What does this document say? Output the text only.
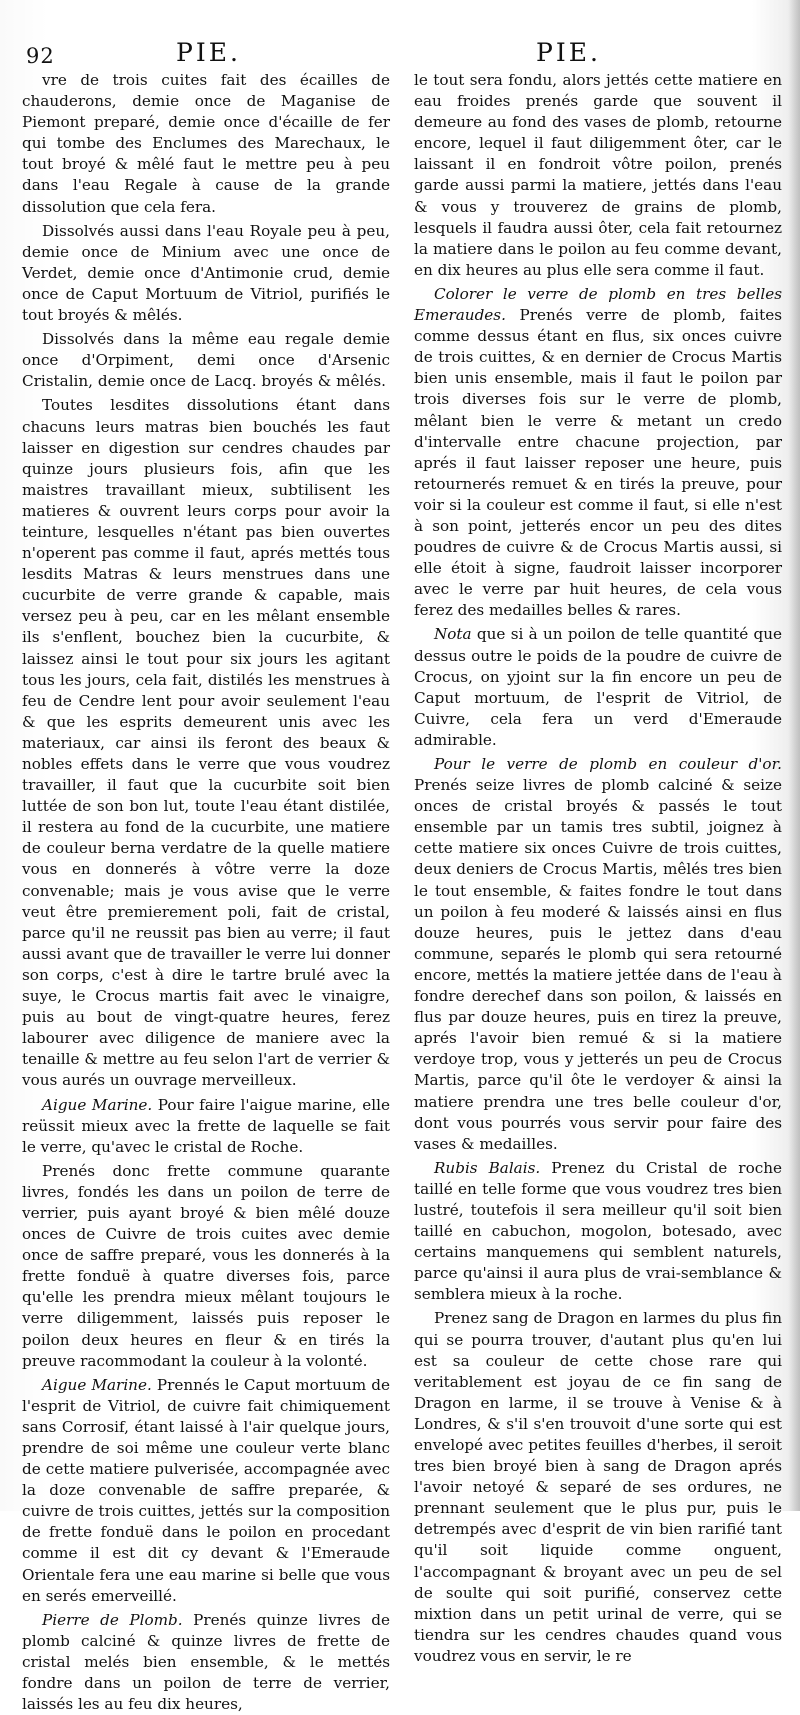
92	PIE.	PIE.

vre de trois cuites fait des écailles de chauderons, demie once de Maganise de Piemont preparé, demie once d'écaille de fer qui tombe des Enclumes des Marechaux, le tout broyé & mêlé faut le mettre peu à peu dans l'eau Regale à cause de la grande dissolution que cela fera.

Dissolvés aussi dans l'eau Royale peu à peu, demie once de Minium avec une once de Verdet, demie once d'Antimonie crud, demie once de Caput Mortuum de Vitriol, purifiés le tout broyés & mêlés.

Dissolvés dans la même eau regale demie once d'Orpiment, demi once d'Arsenic Cristalin, demie once de Lacq. broyés & mêlés.

Toutes lesdites dissolutions étant dans chacuns leurs matras bien bouchés les faut laisser en digestion sur cendres chaudes par quinze jours plusieurs fois, afin que les maistres travaillant mieux, subtilisent les matieres & ouvrent leurs corps pour avoir la teinture, lesquelles n'étant pas bien ouvertes n'operent pas comme il faut, aprés mettés tous lesdits Matras & leurs menstrues dans une cucurbite de verre grande & capable, mais versez peu à peu, car en les mêlant ensemble ils s'enflent, bouchez bien la cucurbite, & laissez ainsi le tout pour six jours les agitant tous les jours, cela fait, distilés les menstrues à feu de Cendre lent pour avoir seulement l'eau & que les esprits demeurent unis avec les materiaux, car ainsi ils feront des beaux & nobles effets dans le verre que vous voudrez travailler, il faut que la cucurbite soit bien luttée de son bon lut, toute l'eau étant distilée, il restera au fond de la cucurbite, une matiere de couleur berna verdatre de la quelle matiere vous en donnerés à vôtre verre la doze convenable; mais je vous avise que le verre veut être premierement poli, fait de cristal, parce qu'il ne reussit pas bien au verre; il faut aussi avant que de travailler le verre lui donner son corps, c'est à dire le tartre brulé avec la suye, le Crocus martis fait avec le vinaigre, puis au bout de vingt-quatre heures, ferez labourer avec diligence de maniere avec la tenaille & mettre au feu selon l'art de verrier & vous aurés un ouvrage merveilleux.

Aigue Marine. Pour faire l'aigue marine, elle reüssit mieux avec la frette de laquelle se fait le verre, qu'avec le cristal de Roche.

Prenés donc frette commune quarante livres, fondés les dans un poilon de terre de verrier, puis ayant broyé & bien mêlé douze onces de Cuivre de trois cuites avec demie once de saffre preparé, vous les donnerés à la frette fonduë à quatre diverses fois, parce qu'elle les prendra mieux mêlant toujours le verre diligemment, laissés puis reposer le poilon deux heures en fleur & en tirés la preuve racommodant la couleur à la volonté.

Aigue Marine. Prennés le Caput mortuum de l'esprit de Vitriol, de cuivre fait chimiquement sans Corrosif, étant laissé à l'air quelque jours, prendre de soi même une couleur verte blanc de cette matiere pulverisée, accompagnée avec la doze convenable de saffre preparée, & cuivre de trois cuittes, jettés sur la composition de frette fonduë dans le poilon en procedant comme il est dit cy devant & l'Emeraude Orientale fera une eau marine si belle que vous en serés emerveillé.

Pierre de Plomb. Prenés quinze livres de plomb calciné & quinze livres de frette de cristal melés bien ensemble, & le mettés fondre dans un poilon de terre de verrier, laissés les au feu dix heures,

le tout sera fondu, alors jettés cette matiere en eau froides prenés garde que souvent il demeure au fond des vases de plomb, retourne encore, lequel il faut diligemment ôter, car le laissant il en fondroit vôtre poilon, prenés garde aussi parmi la matiere, jettés dans l'eau & vous y trouverez de grains de plomb, lesquels il faudra aussi ôter, cela fait retournez la matiere dans le poilon au feu comme devant, en dix heures au plus elle sera comme il faut.

Colorer le verre de plomb en tres belles Emeraudes. Prenés verre de plomb, faites comme dessus étant en flus, six onces cuivre de trois cuittes, & en dernier de Crocus Martis bien unis ensemble, mais il faut le poilon par trois diverses fois sur le verre de plomb, mêlant bien le verre & metant un credo d'intervalle entre chacune projection, par aprés il faut laisser reposer une heure, puis retournerés remuet & en tirés la preuve, pour voir si la couleur est comme il faut, si elle n'est à son point, jetterés encor un peu des dites poudres de cuivre & de Crocus Martis aussi, si elle étoit à signe, faudroit laisser incorporer avec le verre par huit heures, de cela vous ferez des medailles belles & rares.

Nota que si à un poilon de telle quantité que dessus outre le poids de la poudre de cuivre de Crocus, on yjoint sur la fin encore un peu de Caput mortuum, de l'esprit de Vitriol, de Cuivre, cela fera un verd d'Emeraude admirable.

Pour le verre de plomb en couleur d'or. Prenés seize livres de plomb calciné & seize onces de cristal broyés & passés le tout ensemble par un tamis tres subtil, joignez à cette matiere six onces Cuivre de trois cuittes, deux deniers de Crocus Martis, mêlés tres bien le tout ensemble, & faites fondre le tout dans un poilon à feu moderé & laissés ainsi en flus douze heures, puis le jettez dans d'eau commune, separés le plomb qui sera retourné encore, mettés la matiere jettée dans de l'eau à fondre derechef dans son poilon, & laissés en flus par douze heures, puis en tirez la preuve, aprés l'avoir bien remué & si la matiere verdoye trop, vous y jetterés un peu de Crocus Martis, parce qu'il ôte le verdoyer & ainsi la matiere prendra une tres belle couleur d'or, dont vous pourrés vous servir pour faire des vases & medailles.

Rubis Balais. Prenez du Cristal de roche taillé en telle forme que vous voudrez tres bien lustré, toutefois il sera meilleur qu'il soit bien taillé en cabuchon, mogolon, botesado, avec certains manquemens qui semblent naturels, parce qu'ainsi il aura plus de vrai-semblance & semblera mieux à la roche.

Prenez sang de Dragon en larmes du plus fin qui se pourra trouver, d'autant plus qu'en lui est sa couleur de cette chose rare qui veritablement est joyau de ce fin sang de Dragon en larme, il se trouve à Venise & à Londres, & s'il s'en trouvoit d'une sorte qui est envelopé avec petites feuilles d'herbes, il seroit tres bien broyé bien à sang de Dragon aprés l'avoir netoyé & separé de ses ordures, ne prennant seulement que le plus pur, puis le detrempés avec d'esprit de vin bien rarifié tant qu'il soit liquide comme onguent, l'accompagnant & broyant avec un peu de sel de soulte qui soit purifié, conservez cette mixtion dans un petit urinal de verre, qui se tiendra sur les cendres chaudes quand vous voudrez vous en servir, le re
